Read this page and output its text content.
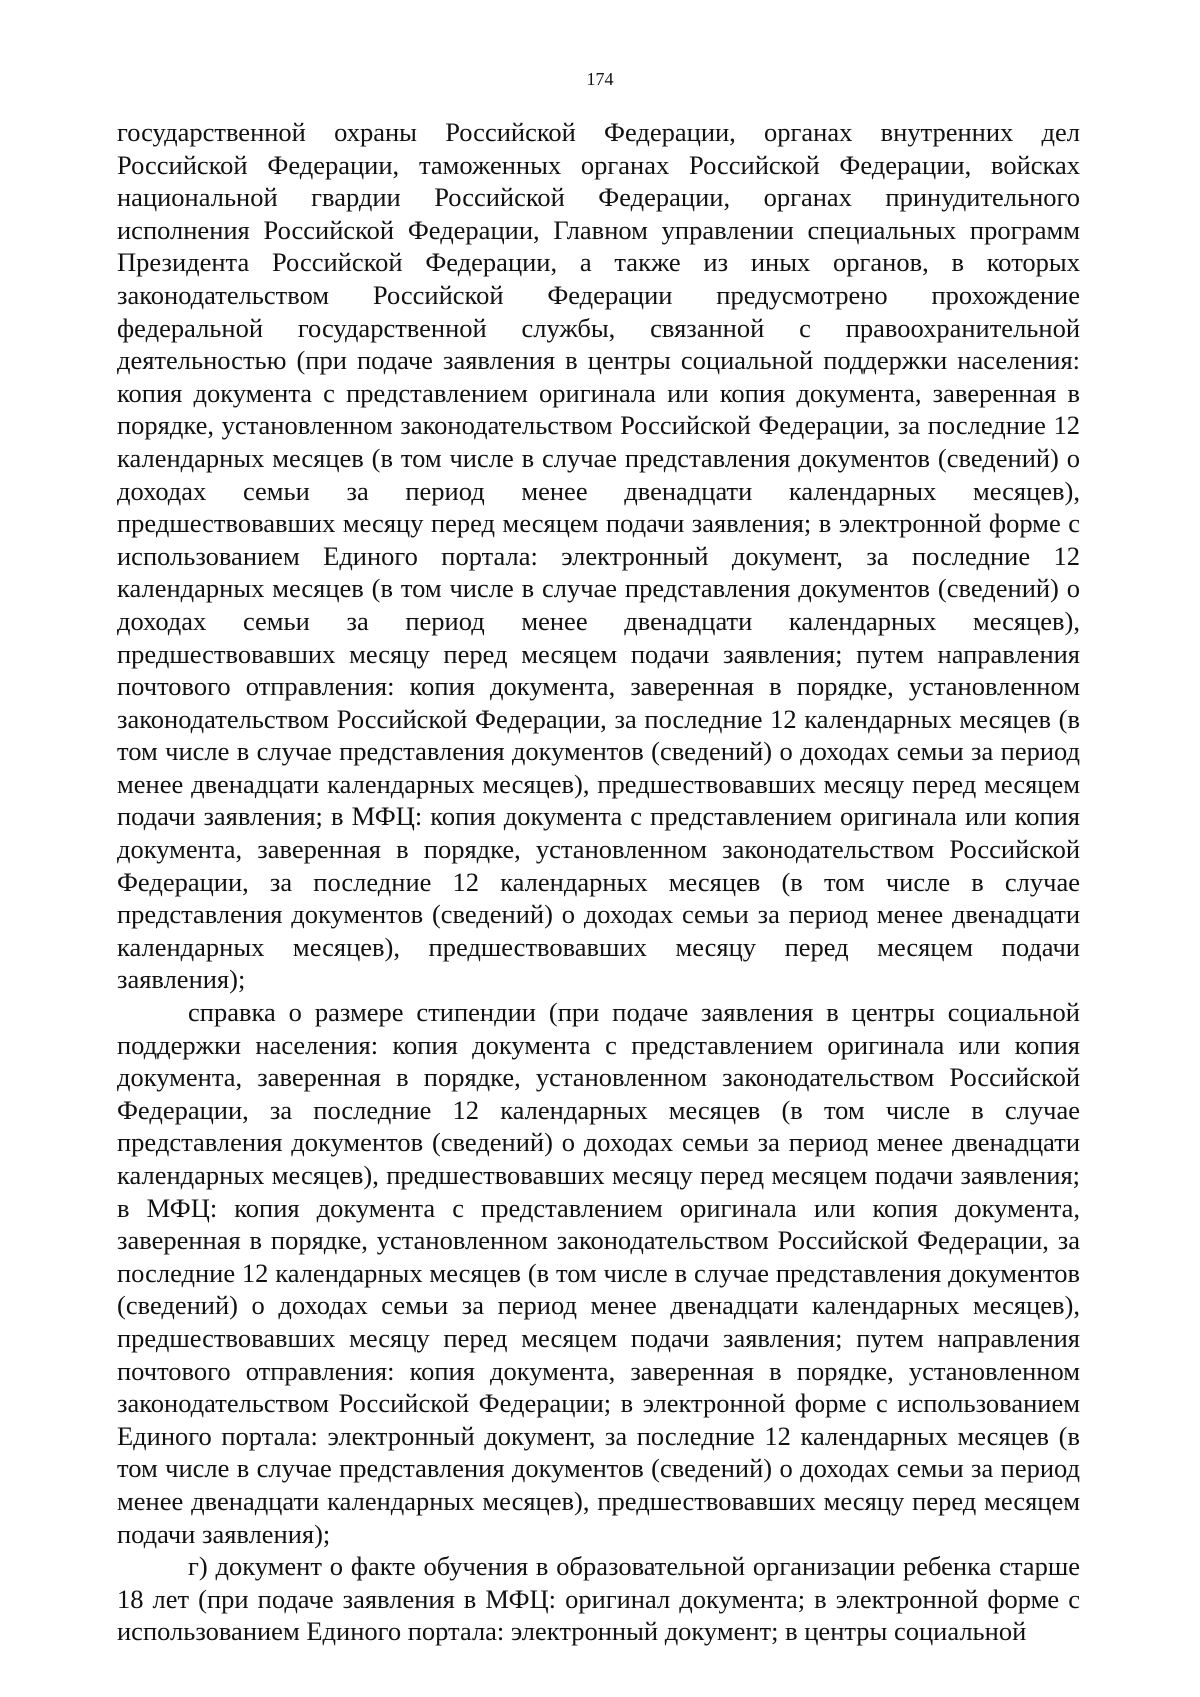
174

государственной охраны Российской Федерации, органах внутренних дел Российской Федерации, таможенных органах Российской Федерации, войсках национальной гвардии Российской Федерации, органах принудительного исполнения Российской Федерации, Главном управлении специальных программ Президента Российской Федерации, а также из иных органов, в которых законодательством Российской Федерации предусмотрено прохождение федеральной государственной службы, связанной с правоохранительной деятельностью (при подаче заявления в центры социальной поддержки населения: копия документа с представлением оригинала или копия документа, заверенная в порядке, установленном законодательством Российской Федерации, за последние 12 календарных месяцев (в том числе в случае представления документов (сведений) о доходах семьи за период менее двенадцати календарных месяцев), предшествовавших месяцу перед месяцем подачи заявления; в электронной форме с использованием Единого портала: электронный документ, за последние 12 календарных месяцев (в том числе в случае представления документов (сведений) о доходах семьи за период менее двенадцати календарных месяцев), предшествовавших месяцу перед месяцем подачи заявления; путем направления почтового отправления: копия документа, заверенная в порядке, установленном законодательством Российской Федерации, за последние 12 календарных месяцев (в том числе в случае представления документов (сведений) о доходах семьи за период менее двенадцати календарных месяцев), предшествовавших месяцу перед месяцем подачи заявления; в МФЦ: копия документа с представлением оригинала или копия документа, заверенная в порядке, установленном законодательством Российской Федерации, за последние 12 календарных месяцев (в том числе в случае представления документов (сведений) о доходах семьи за период менее двенадцати календарных месяцев), предшествовавших месяцу перед месяцем подачи заявления);

справка о размере стипендии (при подаче заявления в центры социальной поддержки населения: копия документа с представлением оригинала или копия документа, заверенная в порядке, установленном законодательством Российской Федерации, за последние 12 календарных месяцев (в том числе в случае представления документов (сведений) о доходах семьи за период менее двенадцати календарных месяцев), предшествовавших месяцу перед месяцем подачи заявления; в МФЦ: копия документа с представлением оригинала или копия документа, заверенная в порядке, установленном законодательством Российской Федерации, за последние 12 календарных месяцев (в том числе в случае представления документов (сведений) о доходах семьи за период менее двенадцати календарных месяцев), предшествовавших месяцу перед месяцем подачи заявления; путем направления почтового отправления: копия документа, заверенная в порядке, установленном законодательством Российской Федерации; в электронной форме с использованием Единого портала: электронный документ, за последние 12 календарных месяцев (в том числе в случае представления документов (сведений) о доходах семьи за период менее двенадцати календарных месяцев), предшествовавших месяцу перед месяцем подачи заявления);

г) документ о факте обучения в образовательной организации ребенка старше 18 лет (при подаче заявления в МФЦ: оригинал документа; в электронной форме с использованием Единого портала: электронный документ; в центры социальной
